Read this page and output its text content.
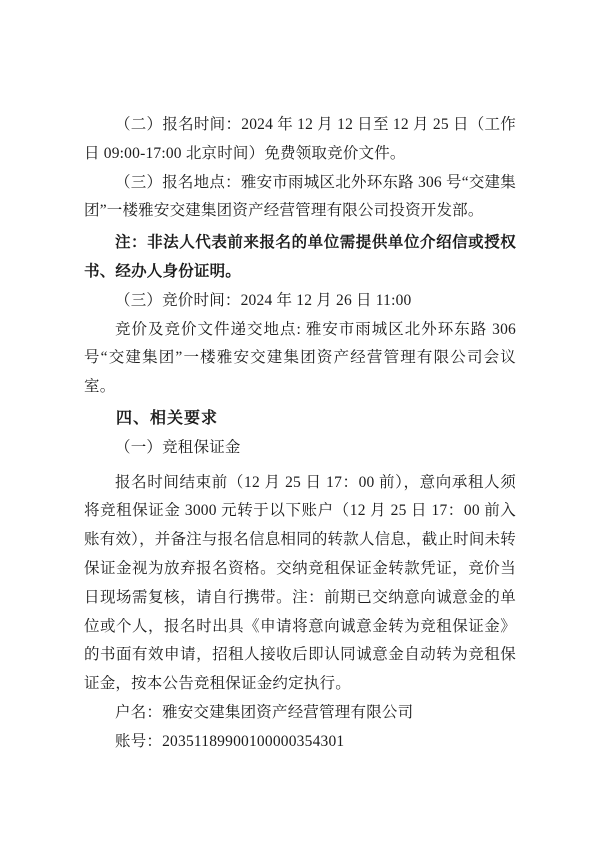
（二）报名时间：2024 年 12 月 12 日至 12 月 25 日（工作日 09:00-17:00 北京时间）免费领取竞价文件。

（三）报名地点：雅安市雨城区北外环东路 306 号“交建集团”一楼雅安交建集团资产经营管理有限公司投资开发部。

注：非法人代表前来报名的单位需提供单位介绍信或授权书、经办人身份证明。

（三）竞价时间：2024 年 12 月 26 日 11:00

竞价及竞价文件递交地点: 雅安市雨城区北外环东路 306 号“交建集团”一楼雅安交建集团资产经营管理有限公司会议室。

四、相关要求

（一）竞租保证金

报名时间结束前（12 月 25 日 17：00 前），意向承租人须将竞租保证金 3000 元转于以下账户（12 月 25 日 17：00 前入账有效），并备注与报名信息相同的转款人信息，截止时间未转保证金视为放弃报名资格。交纳竞租保证金转款凭证，竞价当日现场需复核，请自行携带。注：前期已交纳意向诚意金的单位或个人，报名时出具《申请将意向诚意金转为竞租保证金》的书面有效申请，招租人接收后即认同诚意金自动转为竞租保证金，按本公告竞租保证金约定执行。

户名：雅安交建集团资产经营管理有限公司

账号：20351189900100000354301
